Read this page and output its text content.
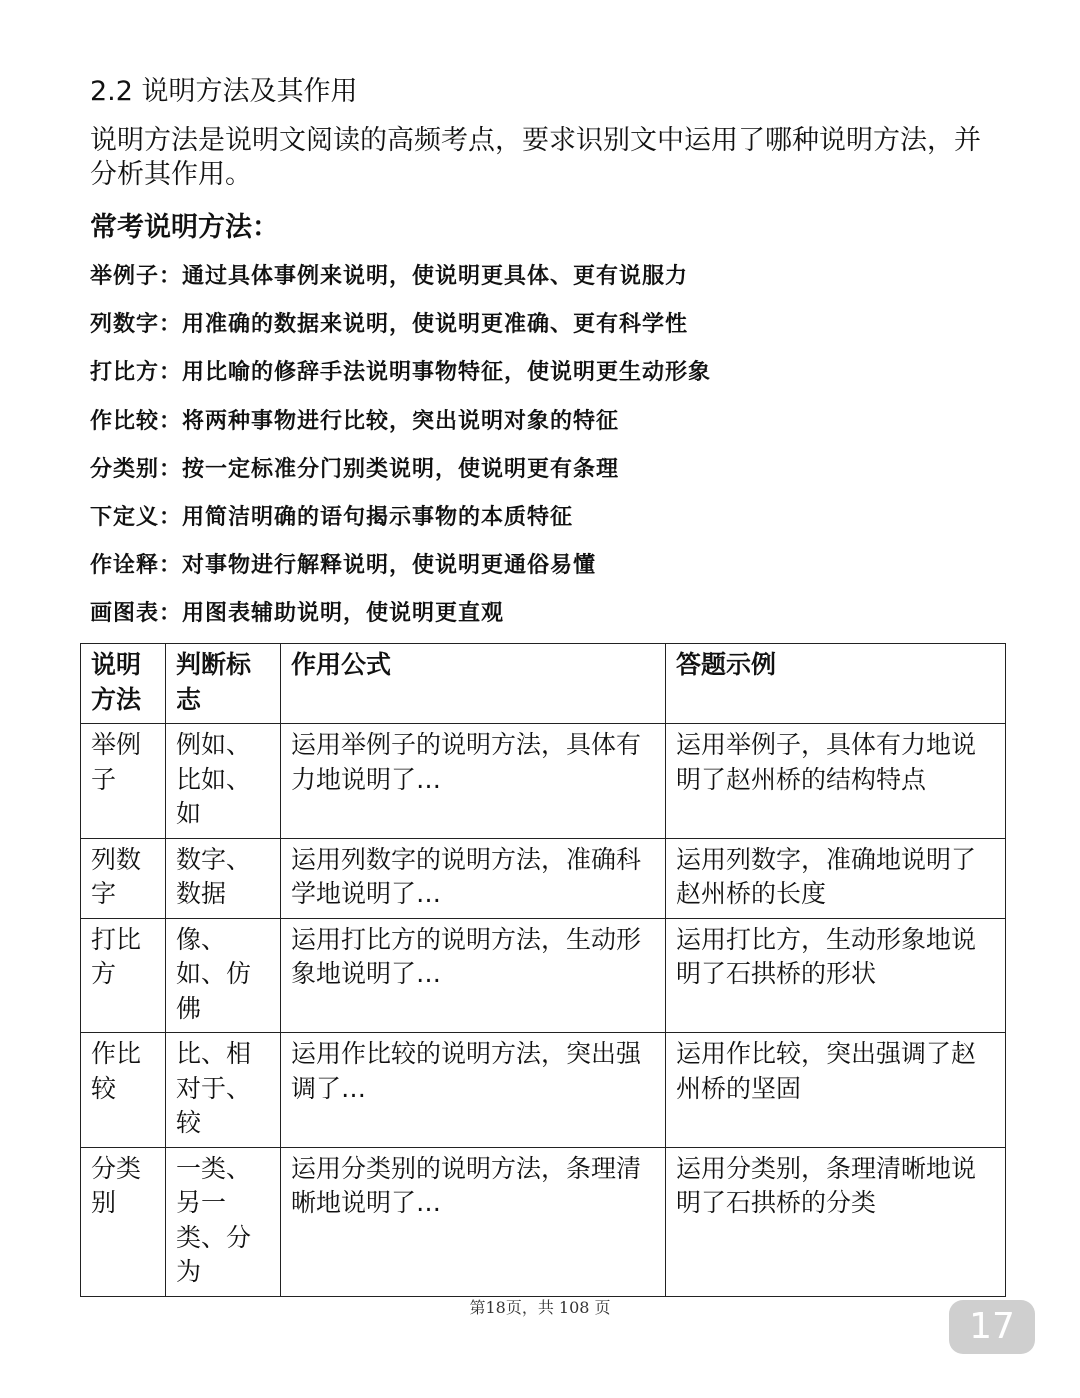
2.2 说明方法及其作用

说明方法是说明文阅读的高频考点，要求识别文中运用了哪种说明方法，并分析其作用。

常考说明方法：
举例子：通过具体事例来说明，使说明更具体、更有说服力
列数字：用准确的数据来说明，使说明更准确、更有科学性
打比方：用比喻的修辞手法说明事物特征，使说明更生动形象
作比较：将两种事物进行比较，突出说明对象的特征
分类别：按一定标准分门别类说明，使说明更有条理
下定义：用简洁明确的语句揭示事物的本质特征
作诠释：对事物进行解释说明，使说明更通俗易懂
画图表：用图表辅助说明，使说明更直观
说明方法	判断标志	作用公式	答题示例
举例子	例如、比如、如	运用举例子的说明方法，具体有力地说明了…	运用举例子，具体有力地说明了赵州桥的结构特点
列数字	数字、数据	运用列数字的说明方法，准确科学地说明了…	运用列数字，准确地说明了赵州桥的长度
打比方	像、如、仿佛	运用打比方的说明方法，生动形象地说明了…	运用打比方，生动形象地说明了石拱桥的形状
作比较	比、相对于、较	运用作比较的说明方法，突出强调了…	运用作比较，突出强调了赵州桥的坚固
分类别	一类、另一类、分为	运用分类别的说明方法，条理清晰地说明了…	运用分类别，条理清晰地说明了石拱桥的分类
第18页，共 108 页	17
